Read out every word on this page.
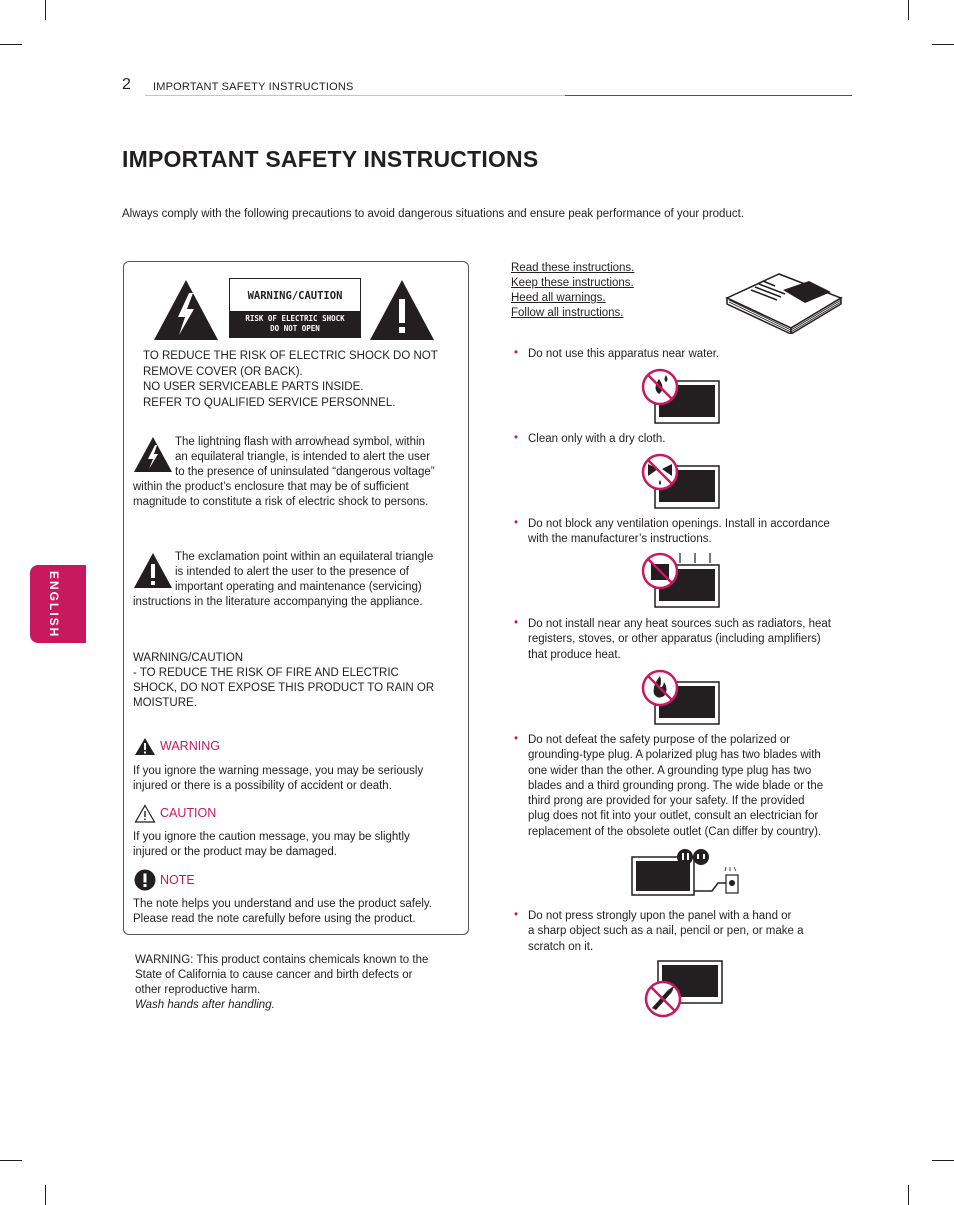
2 IMPORTANT SAFETY INSTRUCTIONS
IMPORTANT SAFETY INSTRUCTIONS
Always comply with the following precautions to avoid dangerous situations and ensure peak performance of your product.
ENGLISH
WARNING/CAUTION
RISK OF ELECTRIC SHOCK
DO NOT OPEN
TO REDUCE THE RISK OF ELECTRIC SHOCK DO NOT
REMOVE COVER (OR BACK).
NO USER SERVICEABLE PARTS INSIDE.
REFER TO QUALIFIED SERVICE PERSONNEL.
The lightning flash with arrowhead symbol, within
an equilateral triangle, is intended to alert the user
to the presence of uninsulated “dangerous voltage”
within the product’s enclosure that may be of sufficient
magnitude to constitute a risk of electric shock to persons.
The exclamation point within an equilateral triangle
is intended to alert the user to the presence of
important operating and maintenance (servicing)
instructions in the literature accompanying the appliance.
WARNING/CAUTION
- TO REDUCE THE RISK OF FIRE AND ELECTRIC
SHOCK, DO NOT EXPOSE THIS PRODUCT TO RAIN OR
MOISTURE.
WARNING
If you ignore the warning message, you may be seriously
injured or there is a possibility of accident or death.
CAUTION
If you ignore the caution message, you may be slightly
injured or the product may be damaged.
NOTE
The note helps you understand and use the product safely.
Please read the note carefully before using the product.
WARNING: This product contains chemicals known to the
State of California to cause cancer and birth defects or
other reproductive harm.
Wash hands after handling.
Read these instructions.
Keep these instructions.
Heed all warnings.
Follow all instructions.
• Do not use this apparatus near water.
• Clean only with a dry cloth.
• Do not block any ventilation openings. Install in accordance
with the manufacturer’s instructions.
• Do not install near any heat sources such as radiators, heat
registers, stoves, or other apparatus (including amplifiers)
that produce heat.
• Do not defeat the safety purpose of the polarized or
grounding-type plug. A polarized plug has two blades with
one wider than the other. A grounding type plug has two
blades and a third grounding prong. The wide blade or the
third prong are provided for your safety. If the provided
plug does not fit into your outlet, consult an electrician for
replacement of the obsolete outlet (Can differ by country).
• Do not press strongly upon the panel with a hand or
a sharp object such as a nail, pencil or pen, or make a
scratch on it.
